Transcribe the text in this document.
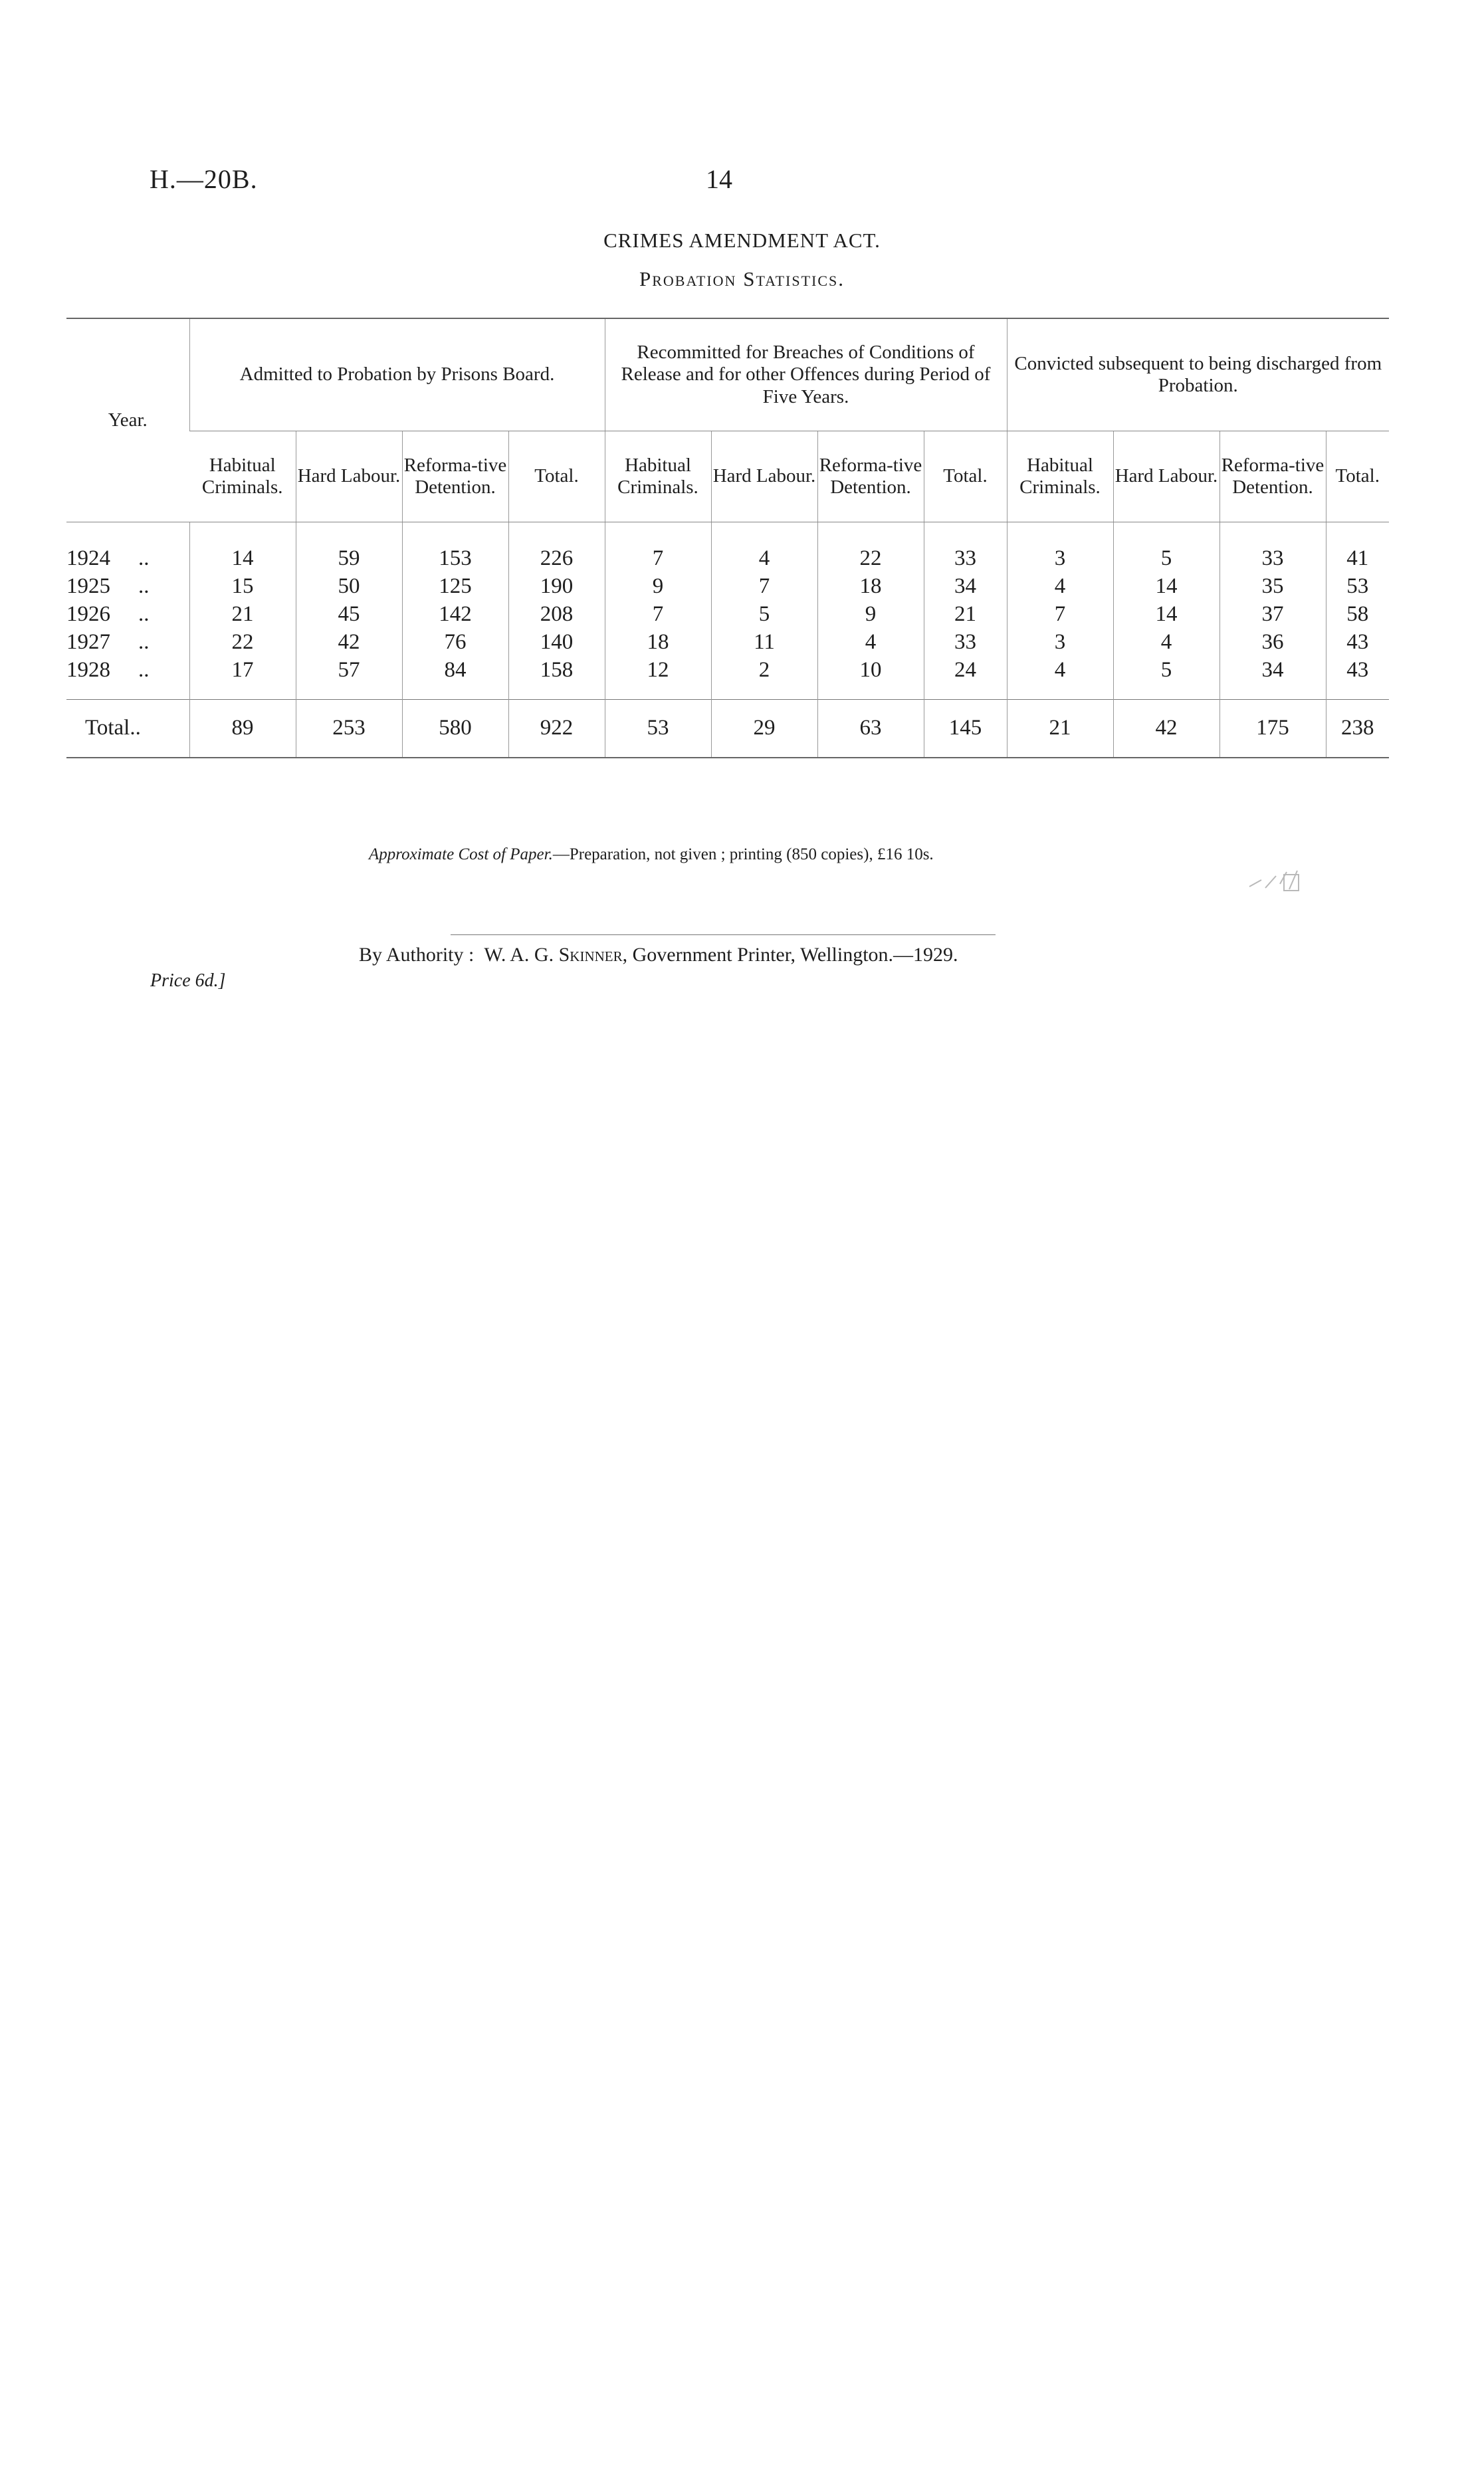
H.—20B.	14
CRIMES AMENDMENT ACT.
Probation Statistics.
Year.	Admitted to Probation by Prisons Board.				Recommitted for Breaches of Conditions of Release and for other Offences during Period of Five Years.				Convicted subsequent to being discharged from Probation.			
	Habitual Criminals.	Hard Labour.	Reforma-tive Detention.	Total.	Habitual Criminals.	Hard Labour.	Reforma-tive Detention.	Total.	Habitual Criminals.	Hard Labour.	Reforma-tive Detention.	Total.

1924 ..	14	59	153	226	7	4	22	33	3	5	33	41
1925 ..	15	50	125	190	9	7	18	34	4	14	35	53
1926 ..	21	45	142	208	7	5	9	21	7	14	37	58
1927 ..	22	42	76	140	18	11	4	33	3	4	36	43
1928 ..	17	57	84	158	12	2	10	24	4	5	34	43

Total..	89	253	580	922	53	29	63	145	21	42	175	238
Approximate Cost of Paper.—Preparation, not given ; printing (850 copies), £16 10s.
By Authority : W. A. G. Skinner, Government Printer, Wellington.—1929.
Price 6d.]
